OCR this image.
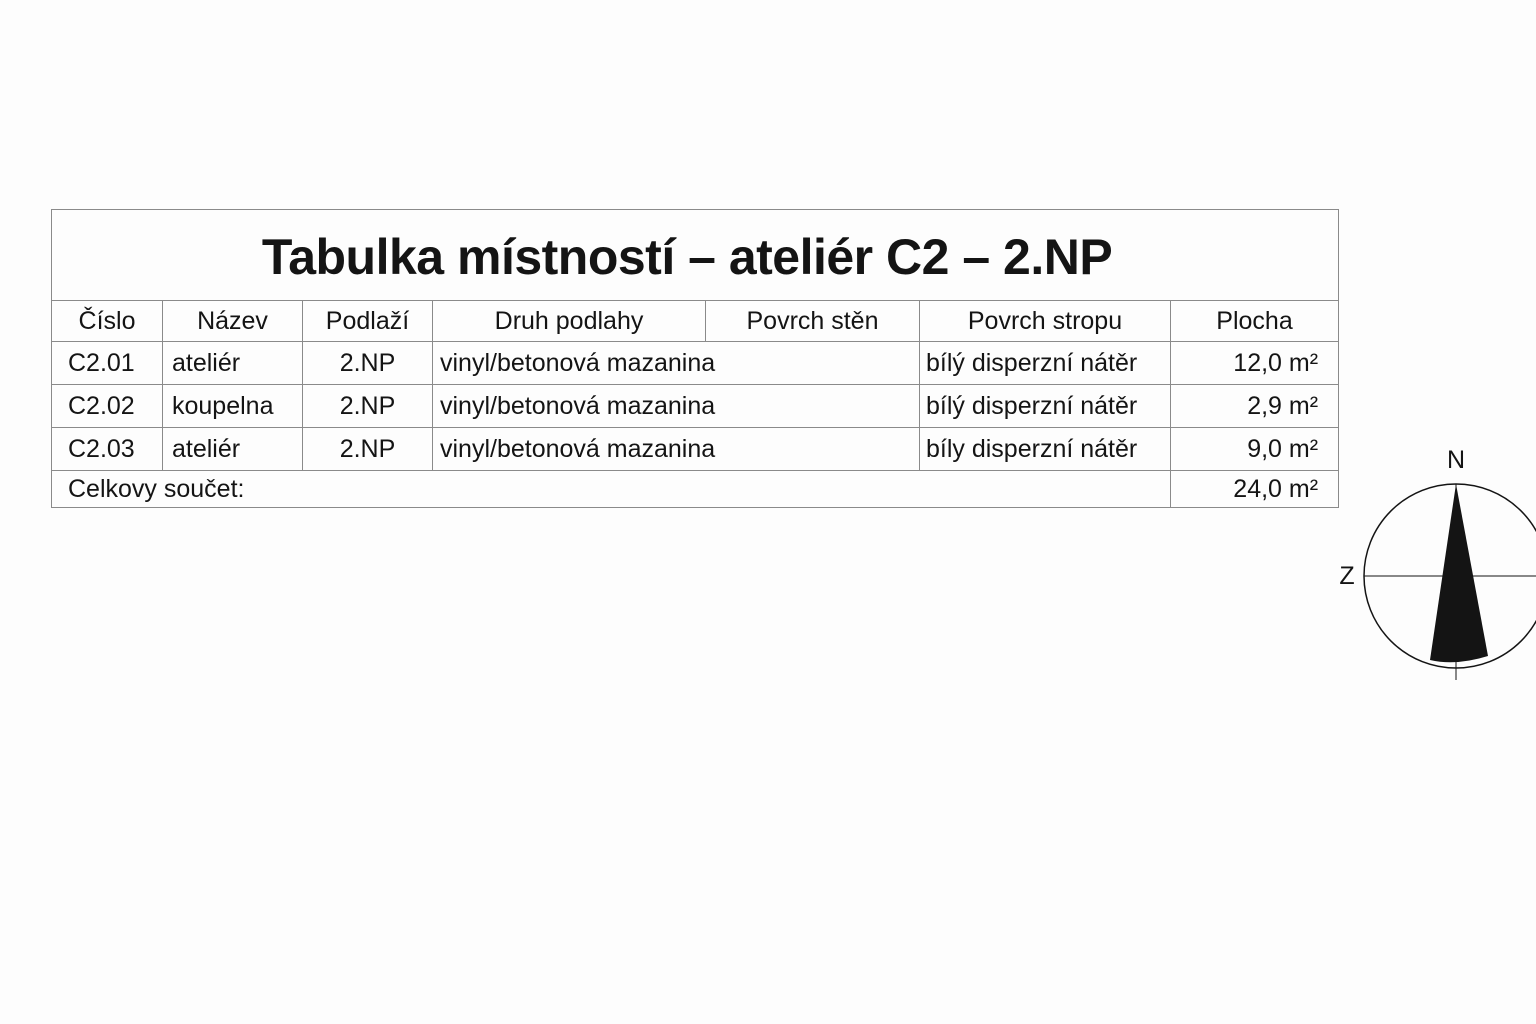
Tabulka místností – ateliér C2 – 2.NP						
Číslo	Název	Podlaží	Druh podlahy	Povrch stěn	Povrch stropu	Plocha
C2.01	ateliér	2.NP	vinyl/betonová mazanina		bílý disperzní nátěr	12,0 m²
C2.02	koupelna	2.NP	vinyl/betonová mazanina		bílý disperzní nátěr	2,9 m²
C2.03	ateliér	2.NP	vinyl/betonová mazanina		bíly disperzní nátěr	9,0 m²
Celkovy součet:						24,0 m²
N
Z
